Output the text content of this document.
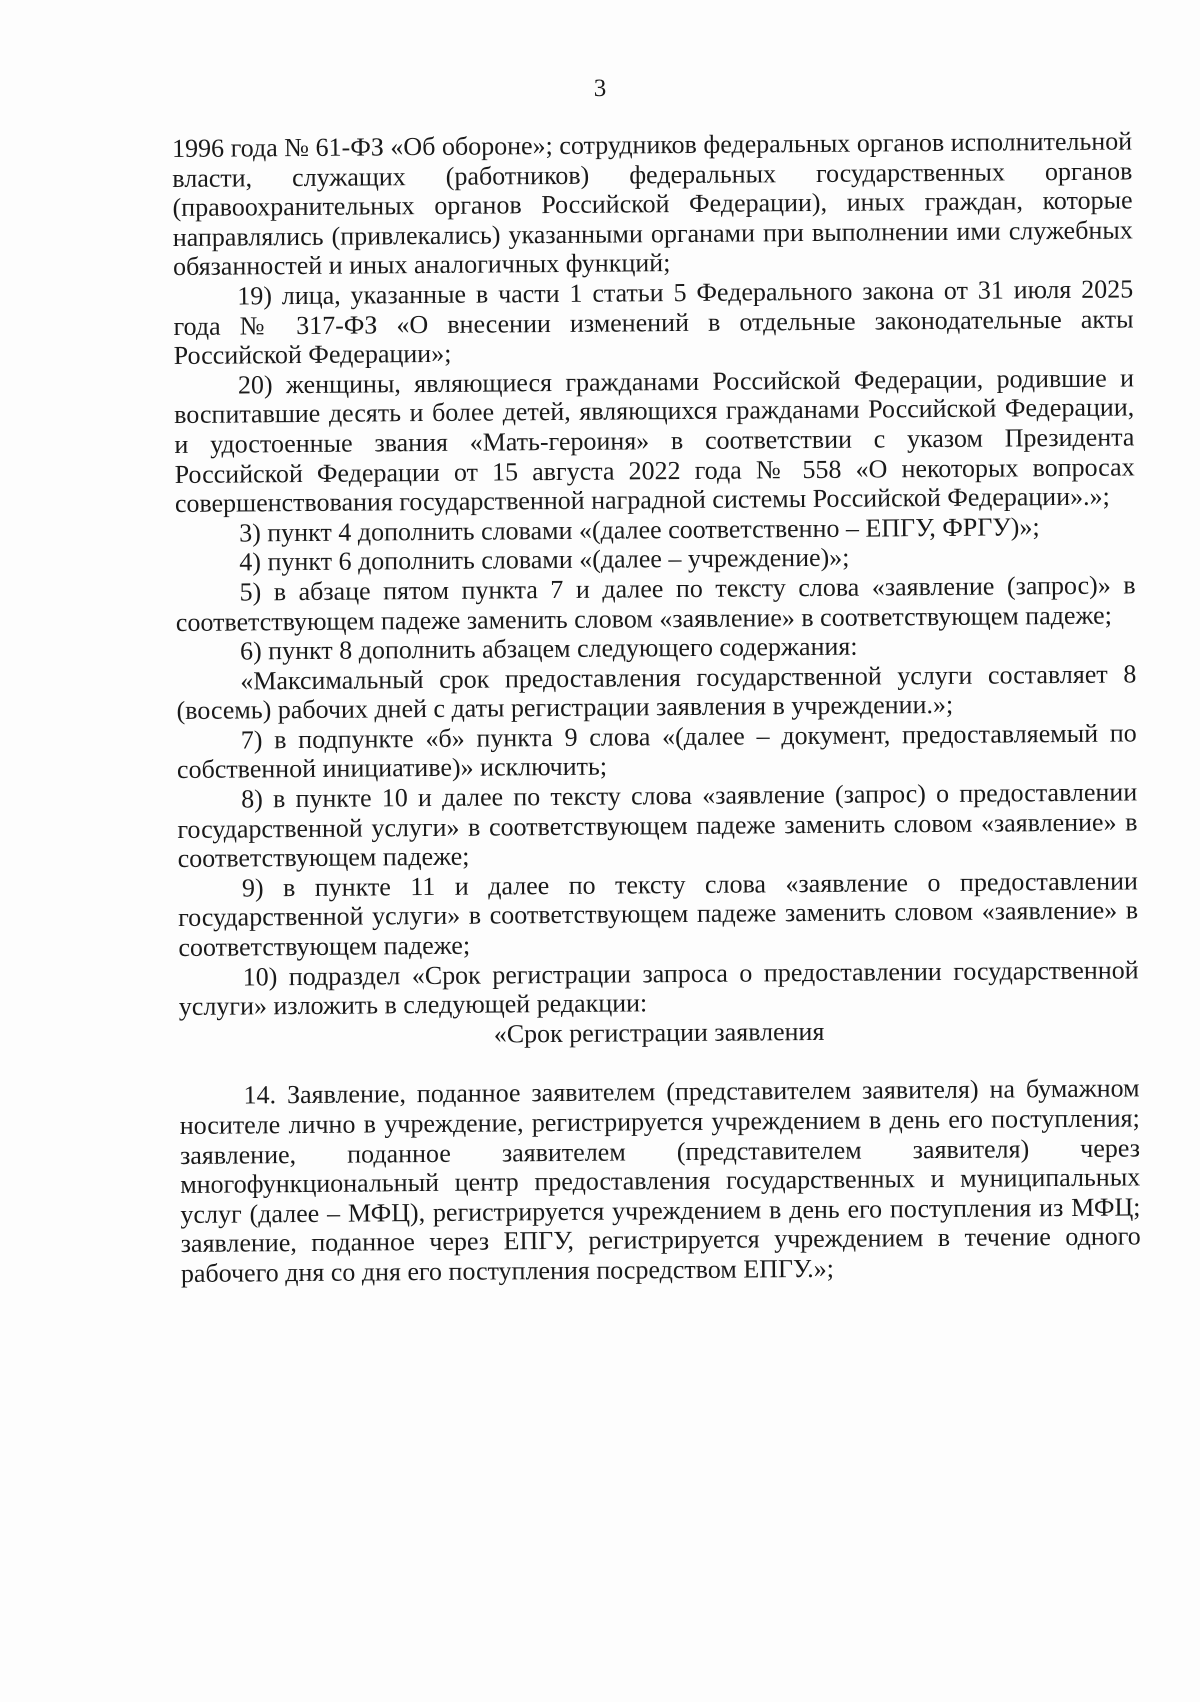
3

1996 года № 61-ФЗ «Об обороне»; сотрудников федеральных органов исполнительной власти, служащих (работников) федеральных государственных органов (правоохранительных органов Российской Федерации), иных граждан, которые направлялись (привлекались) указанными органами при выполнении ими служебных обязанностей и иных аналогичных функций;

19) лица, указанные в части 1 статьи 5 Федерального закона от 31 июля 2025 года № 317-ФЗ «О внесении изменений в отдельные законодательные акты Российской Федерации»;

20) женщины, являющиеся гражданами Российской Федерации, родившие и воспитавшие десять и более детей, являющихся гражданами Российской Федерации, и удостоенные звания «Мать-героиня» в соответствии с указом Президента Российской Федерации от 15 августа 2022 года № 558 «О некоторых вопросах совершенствования государственной наградной системы Российской Федерации».»;

3) пункт 4 дополнить словами «(далее соответственно – ЕПГУ, ФРГУ)»;

4) пункт 6 дополнить словами «(далее – учреждение)»;

5) в абзаце пятом пункта 7 и далее по тексту слова «заявление (запрос)» в соответствующем падеже заменить словом «заявление» в соответствующем падеже;

6) пункт 8 дополнить абзацем следующего содержания:

«Максимальный срок предоставления государственной услуги составляет 8 (восемь) рабочих дней с даты регистрации заявления в учреждении.»;

7) в подпункте «б» пункта 9 слова «(далее – документ, предоставляемый по собственной инициативе)» исключить;

8) в пункте 10 и далее по тексту слова «заявление (запрос) о предоставлении государственной услуги» в соответствующем падеже заменить словом «заявление» в соответствующем падеже;

9) в пункте 11 и далее по тексту слова «заявление о предоставлении государственной услуги» в соответствующем падеже заменить словом «заявление» в соответствующем падеже;

10) подраздел «Срок регистрации запроса о предоставлении государственной услуги» изложить в следующей редакции:

«Срок регистрации заявления

14. Заявление, поданное заявителем (представителем заявителя) на бумажном носителе лично в учреждение, регистрируется учреждением в день его поступления; заявление, поданное заявителем (представителем заявителя) через многофункциональный центр предоставления государственных и муниципальных услуг (далее – МФЦ), регистрируется учреждением в день его поступления из МФЦ; заявление, поданное через ЕПГУ, регистрируется учреждением в течение одного рабочего дня со дня его поступления посредством ЕПГУ.»;
